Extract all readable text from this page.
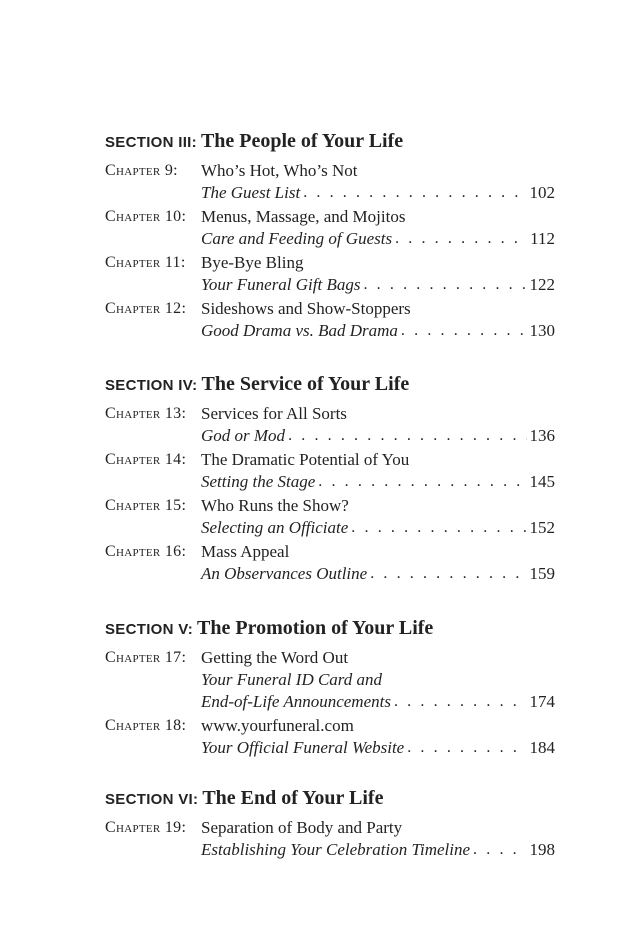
SECTION III: The People of Your Life
Chapter 9:	Who’s Hot, Who’s Not
The Guest List . . .	102
Chapter 10: Menus, Massage, and Mojitos
Care and Feeding of Guests . . .	112
Chapter 11: Bye-Bye Bling
Your Funeral Gift Bags . . .	122
Chapter 12: Sideshows and Show-Stoppers
Good Drama vs. Bad Drama . . .	130
SECTION IV: The Service of Your Life
Chapter 13: Services for All Sorts
God or Mod . . .	136
Chapter 14: The Dramatic Potential of You
Setting the Stage . . .	145
Chapter 15: Who Runs the Show?
Selecting an Officiate . . .	152
Chapter 16: Mass Appeal
An Observances Outline . . .	159
SECTION V: The Promotion of Your Life
Chapter 17: Getting the Word Out
Your Funeral ID Card and
End-of-Life Announcements . . .	174
Chapter 18: www.yourfuneral.com
Your Official Funeral Website . . .	184
SECTION VI: The End of Your Life
Chapter 19: Separation of Body and Party
Establishing Your Celebration Timeline . . .	198
